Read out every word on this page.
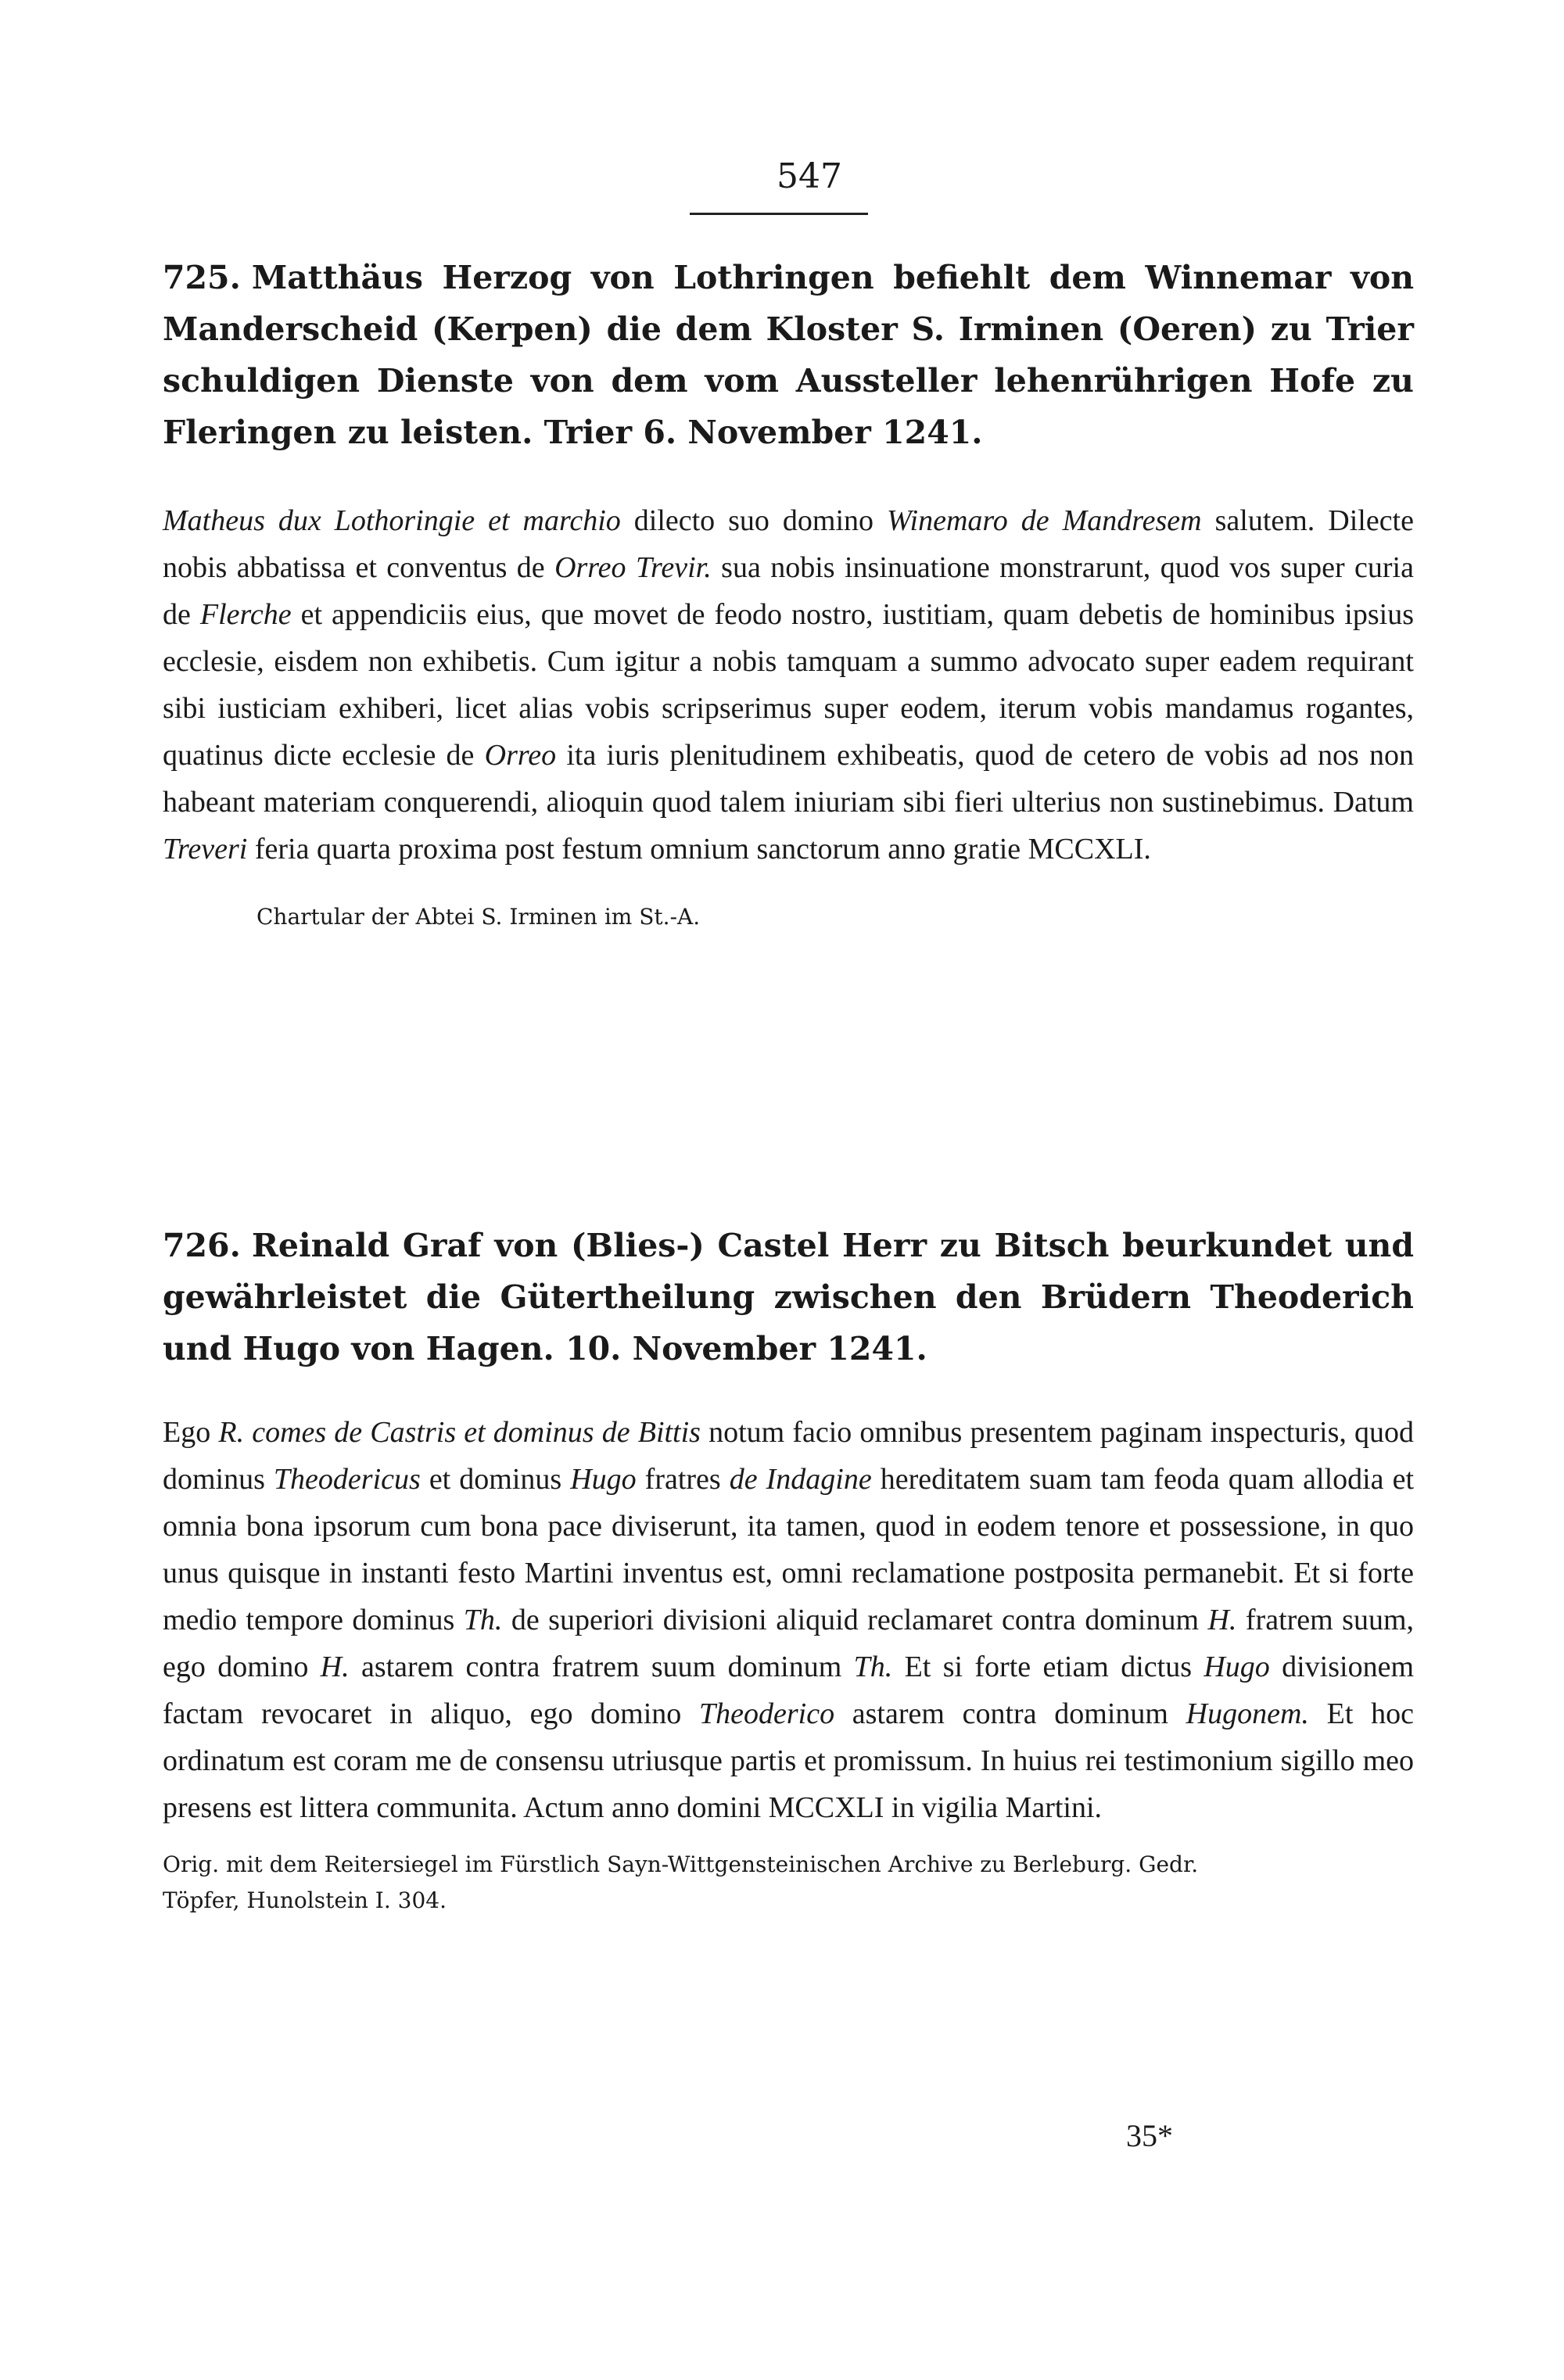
547
725. Matthäus Herzog von Lothringen befiehlt dem Winnemar von Manderscheid (Kerpen) die dem Kloster S. Irminen (Oeren) zu Trier schuldigen Dienste von dem vom Aussteller lehenrührigen Hofe zu Fleringen zu leisten. Trier 6. November 1241.
Matheus dux Lothoringie et marchio dilecto suo domino Winemaro de Mandresem salutem. Dilecte nobis abbatissa et conventus de Orreo Trevir. sua nobis insinuatione monstrarunt, quod vos super curia de Flerche et appendiciis eius, que movet de feodo nostro, iustitiam, quam debetis de hominibus ipsius ecclesie, eisdem non exhibetis. Cum igitur a nobis tamquam a summo advocato super eadem requirant sibi iusticiam exhiberi, licet alias vobis scripserimus super eodem, iterum vobis mandamus rogantes, quatinus dicte ecclesie de Orreo ita iuris plenitudinem exhibeatis, quod de cetero de vobis ad nos non habeant materiam conquerendi, alioquin quod talem iniuriam sibi fieri ulterius non sustinebimus. Datum Treveri feria quarta proxima post festum omnium sanctorum anno gratie MCCXLI.
Chartular der Abtei S. Irminen im St.-A.
726. Reinald Graf von (Blies-) Castel Herr zu Bitsch beurkundet und gewährleistet die Gütertheilung zwischen den Brüdern Theoderich und Hugo von Hagen. 10. November 1241.
Ego R. comes de Castris et dominus de Bittis notum facio omnibus presentem paginam inspecturis, quod dominus Theodericus et dominus Hugo fratres de Indagine hereditatem suam tam feoda quam allodia et omnia bona ipsorum cum bona pace diviserunt, ita tamen, quod in eodem tenore et possessione, in quo unus quisque in instanti festo Martini inventus est, omni reclamatione postposita permanebit. Et si forte medio tempore dominus Th. de superiori divisioni aliquid reclamaret contra dominum H. fratrem suum, ego domino H. astarem contra fratrem suum dominum Th. Et si forte etiam dictus Hugo divisionem factam revocaret in aliquo, ego domino Theoderico astarem contra dominum Hugonem. Et hoc ordinatum est coram me de consensu utriusque partis et promissum. In huius rei testimonium sigillo meo presens est littera communita. Actum anno domini MCCXLI in vigilia Martini.
Orig. mit dem Reitersiegel im Fürstlich Sayn-Wittgensteinischen Archive zu Berleburg. Gedr. Töpfer, Hunolstein I. 304.
35*
